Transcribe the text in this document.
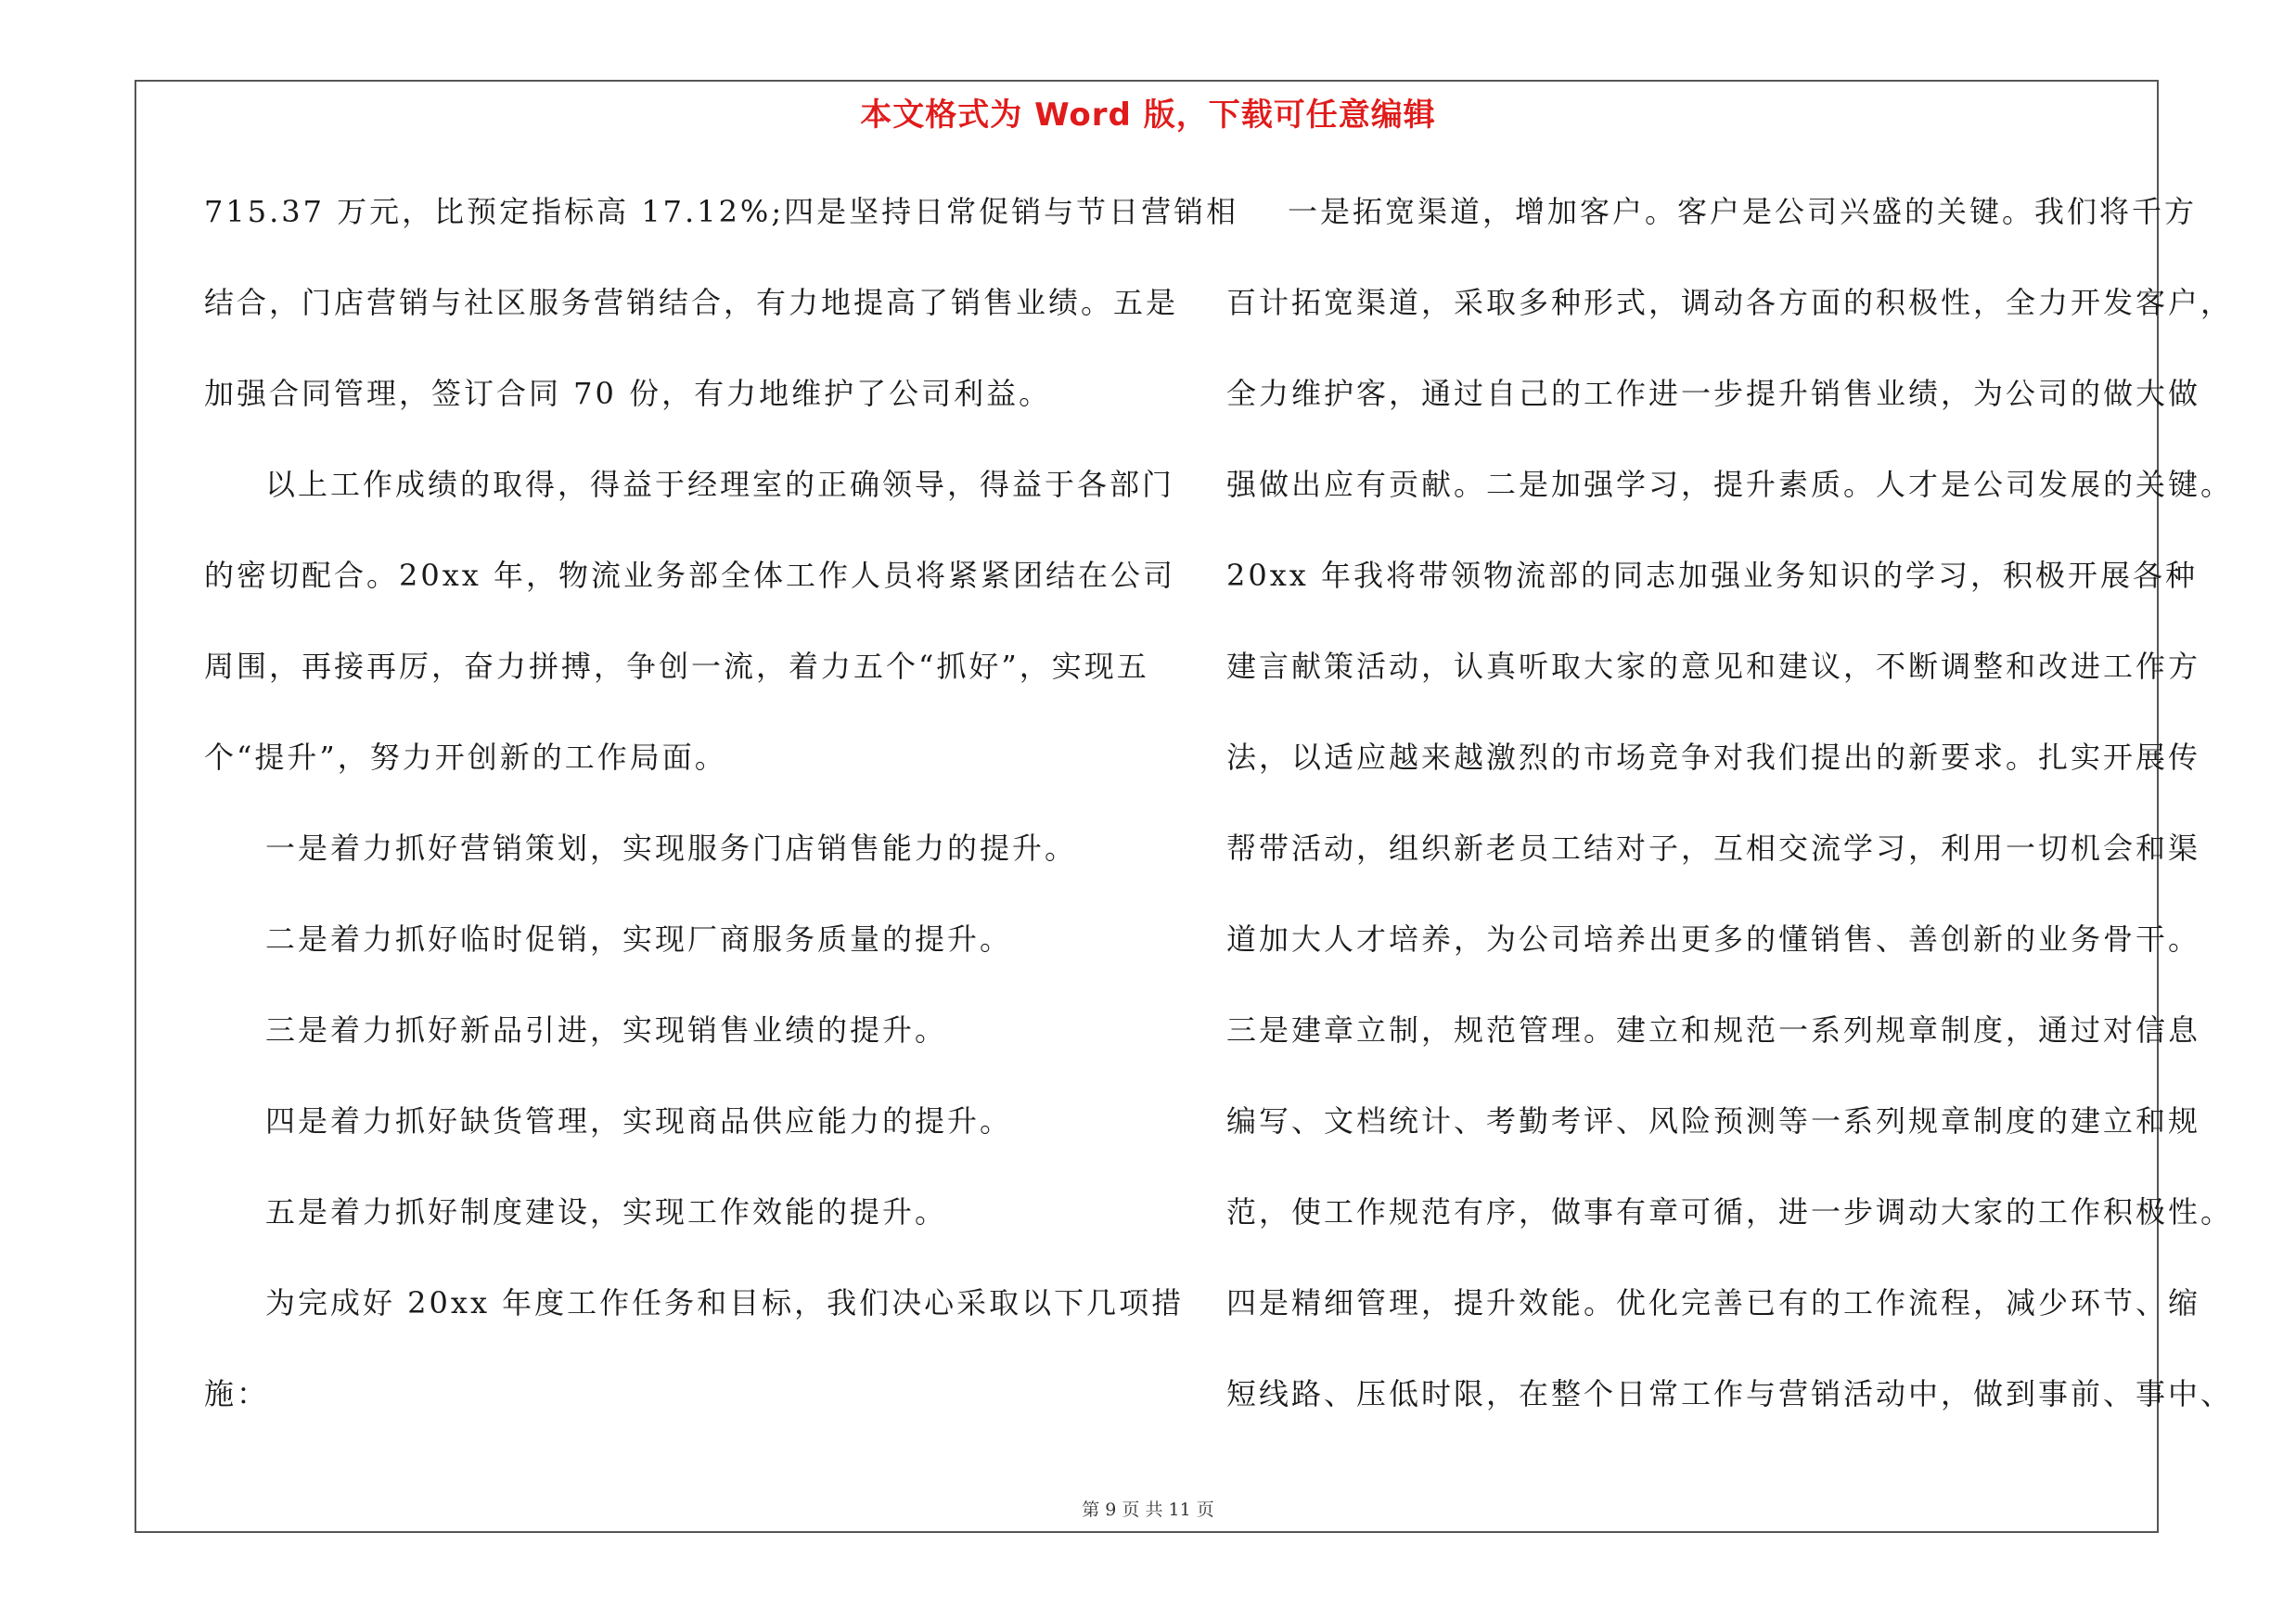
本文格式为 Word 版，下载可任意编辑
715.37 万元，比预定指标高 17.12%;四是坚持日常促销与节日营销相
结合，门店营销与社区服务营销结合，有力地提高了销售业绩。五是
加强合同管理，签订合同 70 份，有力地维护了公司利益。
以上工作成绩的取得，得益于经理室的正确领导，得益于各部门
的密切配合。20xx 年，物流业务部全体工作人员将紧紧团结在公司
周围，再接再厉，奋力拼搏，争创一流，着力五个“抓好”，实现五
个“提升”，努力开创新的工作局面。
一是着力抓好营销策划，实现服务门店销售能力的提升。
二是着力抓好临时促销，实现厂商服务质量的提升。
三是着力抓好新品引进，实现销售业绩的提升。
四是着力抓好缺货管理，实现商品供应能力的提升。
五是着力抓好制度建设，实现工作效能的提升。
为完成好 20xx 年度工作任务和目标，我们决心采取以下几项措
施：
一是拓宽渠道，增加客户。客户是公司兴盛的关键。我们将千方
百计拓宽渠道，采取多种形式，调动各方面的积极性，全力开发客户，
全力维护客，通过自己的工作进一步提升销售业绩，为公司的做大做
强做出应有贡献。二是加强学习，提升素质。人才是公司发展的关键。
20xx 年我将带领物流部的同志加强业务知识的学习，积极开展各种
建言献策活动，认真听取大家的意见和建议，不断调整和改进工作方
法，以适应越来越激烈的市场竞争对我们提出的新要求。扎实开展传
帮带活动，组织新老员工结对子，互相交流学习，利用一切机会和渠
道加大人才培养，为公司培养出更多的懂销售、善创新的业务骨干。
三是建章立制，规范管理。建立和规范一系列规章制度，通过对信息
编写、文档统计、考勤考评、风险预测等一系列规章制度的建立和规
范，使工作规范有序，做事有章可循，进一步调动大家的工作积极性。
四是精细管理，提升效能。优化完善已有的工作流程，减少环节、缩
短线路、压低时限，在整个日常工作与营销活动中，做到事前、事中、
第 9 页 共 11 页
